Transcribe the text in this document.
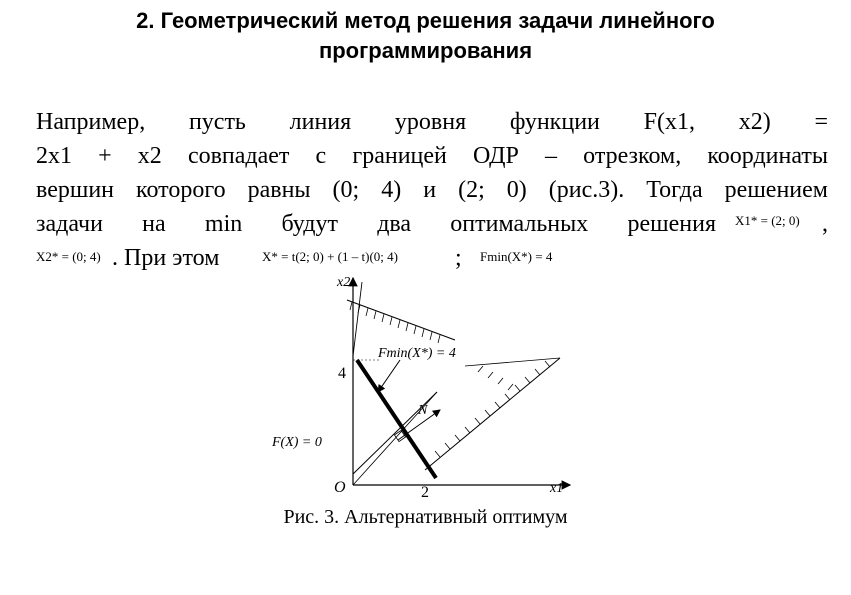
2. Геометрический метод решения задачи линейного
программирования
Например, пусть линия уровня функции F(x1, x2) =
2x1 + x2 совпадает с границей ОДР – отрезком, координаты
вершин которого равны (0; 4) и (2; 0) (рис.3). Тогда решением
задачи на min будут два оптимальных решения X1* = (2; 0) ,
X2* = (0; 4) . При этом	X* = t(2; 0) + (1 – t)(0; 4) ;	Fmin(X*) = 4
x2
x1
O
4
2
Fmin(X*) = 4
F(X) = 0
N
Рис. 3. Альтернативный оптимум
